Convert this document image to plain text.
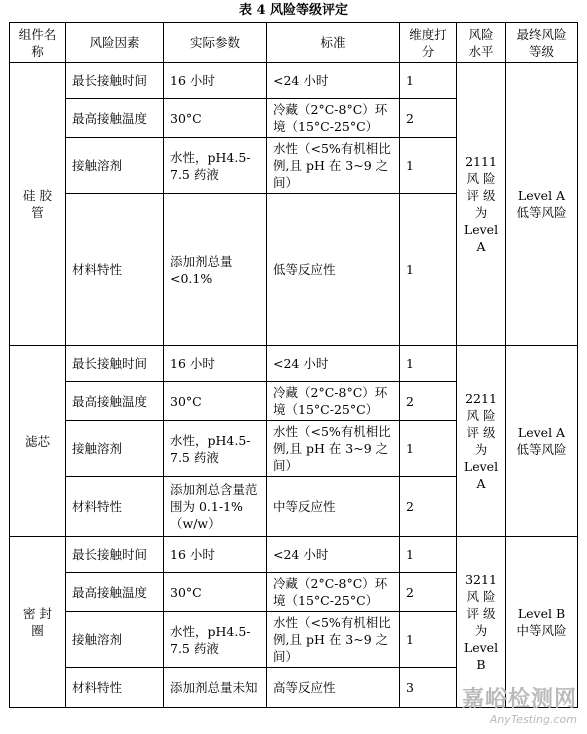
表 4 风险等级评定
组件名称	风险因素	实际参数	标准	维度打分	风险水平	最终风险等级
硅 胶 管	最长接触时间	16 小时	<24 小时	1	2111 风 险 评 级 为 Level A	Level A 低等风险
	最高接触温度	30°C	冷藏（2°C-8°C）环境（15°C-25°C）	2		
	接触溶剂	水性，pH4.5-7.5 药液	水性（<5%有机相比例,且 pH 在 3~9 之间）	1		
	材料特性	添加剂总量<0.1%	低等反应性	1		
滤芯	最长接触时间	16 小时	<24 小时	1	2211 风 险 评 级 为 Level A	Level A 低等风险
	最高接触温度	30°C	冷藏（2°C-8°C）环境（15°C-25°C）	2		
	接触溶剂	水性，pH4.5-7.5 药液	水性（<5%有机相比例,且 pH 在 3~9 之间）	1		
	材料特性	添加剂总含量范围为 0.1-1%（w/w）	中等反应性	2		
密 封 圈	最长接触时间	16 小时	<24 小时	1	3211 风 险 评 级 为 Level B	Level B 中等风险
	最高接触温度	30°C	冷藏（2°C-8°C）环境（15°C-25°C）	2		
	接触溶剂	水性，pH4.5-7.5 药液	水性（<5%有机相比例,且 pH 在 3~9 之间）	1		
	材料特性	添加剂总量未知	高等反应性	3		嘉峪检测网
AnyTesting.com
